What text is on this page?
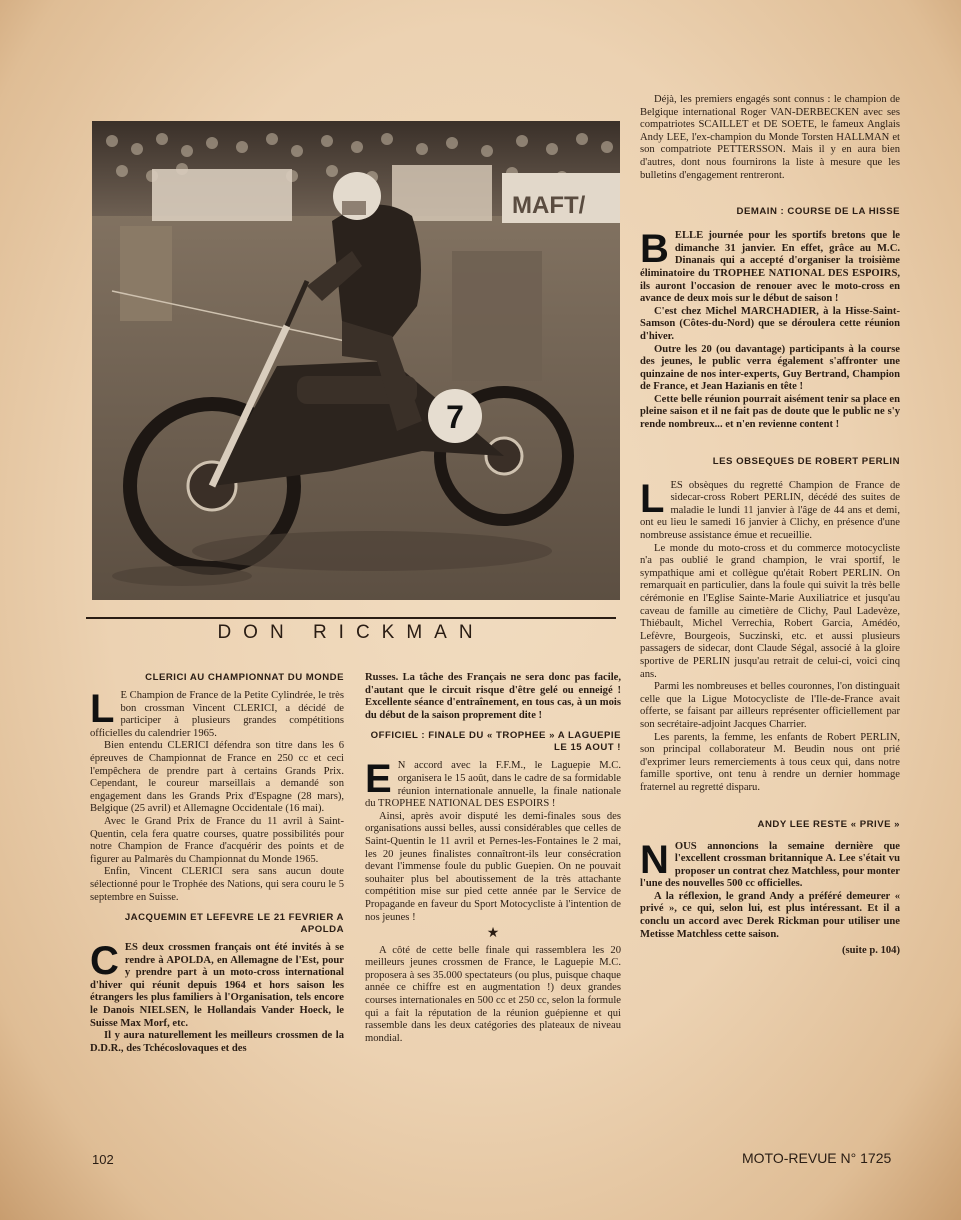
MAFT/
7
DON RICKMAN
CLERICI AU CHAMPIONNAT DU MONDE
L E Champion de France de la Petite Cylindrée, le très bon crossman Vincent CLERICI, a décidé de participer à plusieurs grandes compétitions officielles du calendrier 1965.

Bien entendu CLERICI défendra son titre dans les 6 épreuves de Championnat de France en 250 cc et ceci l'empêchera de prendre part à certains Grands Prix. Cependant, le coureur marseillais a demandé son engagement dans les Grands Prix d'Espagne (28 mars), Belgique (25 avril) et Allemagne Occidentale (16 mai).

Avec le Grand Prix de France du 11 avril à Saint-Quentin, cela fera quatre courses, quatre possibilités pour notre Champion de France d'acquérir des points et de figurer au Palmarès du Championnat du Monde 1965.

Enfin, Vincent CLERICI sera sans aucun doute sélectionné pour le Trophée des Nations, qui sera couru le 5 septembre en Suisse.

JACQUEMIN ET LEFEVRE LE 21 FEVRIER A APOLDA
C ES deux crossmen français ont été invités à se rendre à APOLDA, en Allemagne de l'Est, pour y prendre part à un moto-cross international d'hiver qui réunit depuis 1964 et hors saison les étrangers les plus familiers à l'Organisation, tels encore le Danois NIELSEN, le Hollandais Vander Hoeck, le Suisse Max Morf, etc.

Il y aura naturellement les meilleurs crossmen de la D.D.R., des Tchécoslovaques et des

Russes. La tâche des Français ne sera donc pas facile, d'autant que le circuit risque d'être gelé ou enneigé ! Excellente séance d'entraînement, en tous cas, à un mois du début de la saison proprement dite !

OFFICIEL : FINALE DU « TROPHEE » A LAGUEPIE LE 15 AOUT !
E N accord avec la F.F.M., le Laguepie M.C. organisera le 15 août, dans le cadre de sa formidable réunion internationale annuelle, la finale nationale du TROPHEE NATIONAL DES ESPOIRS !

Ainsi, après avoir disputé les demi-finales sous des organisations aussi belles, aussi considérables que celles de Saint-Quentin le 11 avril et Pernes-les-Fontaines le 2 mai, les 20 jeunes finalistes connaîtront-ils leur consécration devant l'immense foule du public Guepien. On ne pouvait souhaiter plus bel aboutissement de la très attachante compétition mise sur pied cette année par le Service de Propagande en faveur du Sport Motocycliste à l'intention de nos jeunes !

★

A côté de cette belle finale qui rassemblera les 20 meilleurs jeunes crossmen de France, le Laguepie M.C. proposera à ses 35.000 spectateurs (ou plus, puisque chaque année ce chiffre est en augmentation !) deux grandes courses internationales en 500 cc et 250 cc, selon la formule qui a fait la réputation de la réunion guépienne et qui rassemble dans les deux catégories des plateaux de niveau mondial.

Déjà, les premiers engagés sont connus : le champion de Belgique international Roger VAN-DERBECKEN avec ses compatriotes SCAILLET et DE SOETE, le fameux Anglais Andy LEE, l'ex-champion du Monde Torsten HALLMAN et son compatriote PETTERSSON. Mais il y en aura bien d'autres, dont nous fournirons la liste à mesure que les bulletins d'engagement rentreront.

DEMAIN : COURSE DE LA HISSE
B ELLE journée pour les sportifs bretons que le dimanche 31 janvier. En effet, grâce au M.C. Dinanais qui a accepté d'organiser la troisième éliminatoire du TROPHEE NATIONAL DES ESPOIRS, ils auront l'occasion de renouer avec le moto-cross en avance de deux mois sur le début de saison !

C'est chez Michel MARCHADIER, à la Hisse-Saint-Samson (Côtes-du-Nord) que se déroulera cette réunion d'hiver.

Outre les 20 (ou davantage) participants à la course des jeunes, le public verra également s'affronter une quinzaine de nos inter-experts, Guy Bertrand, Champion de France, et Jean Hazianis en tête !

Cette belle réunion pourrait aisément tenir sa place en pleine saison et il ne fait pas de doute que le public ne s'y rende nombreux... et n'en revienne content !

LES OBSEQUES DE ROBERT PERLIN
L ES obsèques du regretté Champion de France de sidecar-cross Robert PERLIN, décédé des suites de maladie le lundi 11 janvier à l'âge de 44 ans et demi, ont eu lieu le samedi 16 janvier à Clichy, en présence d'une nombreuse assistance émue et recueillie.

Le monde du moto-cross et du commerce motocycliste n'a pas oublié le grand champion, le vrai sportif, le sympathique ami et collègue qu'était Robert PERLIN. On remarquait en particulier, dans la foule qui suivit la très belle cérémonie en l'Eglise Sainte-Marie Auxiliatrice et jusqu'au caveau de famille au cimetière de Clichy, Paul Ladevèze, Thiébault, Michel Verrechia, Robert Garcia, Amédéo, Lefèvre, Bourgeois, Suczinski, etc. et aussi plusieurs passagers de sidecar, dont Claude Ségal, associé à la gloire sportive de PERLIN jusqu'au retrait de celui-ci, voici cinq ans.

Parmi les nombreuses et belles couronnes, l'on distinguait celle que la Ligue Motocycliste de l'Ile-de-France avait offerte, se faisant par ailleurs représenter officiellement par son secrétaire-adjoint Jacques Charrier.

Les parents, la femme, les enfants de Robert PERLIN, son principal collaborateur M. Beudin nous ont prié d'exprimer leurs remerciements à tous ceux qui, dans notre famille sportive, ont tenu à rendre un dernier hommage fraternel au regretté disparu.

ANDY LEE RESTE « PRIVE »
N OUS annoncions la semaine dernière que l'excellent crossman britannique A. Lee s'était vu proposer un contrat chez Matchless, pour monter l'une des nouvelles 500 cc officielles.

A la réflexion, le grand Andy a préféré demeurer « privé », ce qui, selon lui, est plus intéressant. Et il a conclu un accord avec Derek Rickman pour utiliser une Metisse Matchless cette saison.

(suite p. 104)
102	MOTO-REVUE N° 1725
